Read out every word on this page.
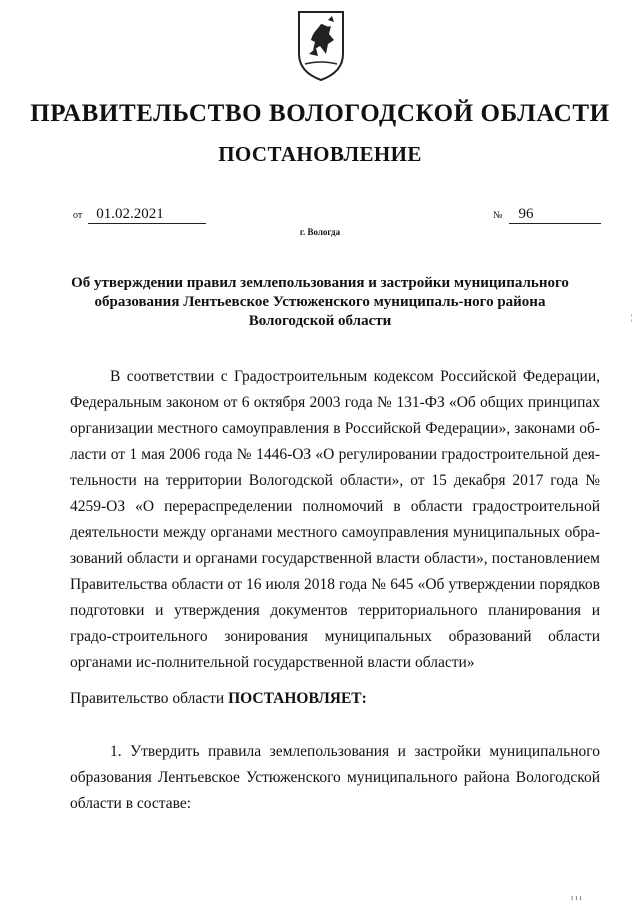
ПРАВИТЕЛЬСТВО ВОЛОГОДСКОЙ ОБЛАСТИ
ПОСТАНОВЛЕНИЕ
от 01.02.2021	№ 96
г. Вологда
Об утверждении правил землепользования и застройки муниципального образования Лентьевское Устюженского муниципаль-ного района Вологодской области
В соответствии с Градостроительным кодексом Российской Федерации, Федеральным законом от 6 октября 2003 года № 131-ФЗ «Об общих принципах организации местного самоуправления в Российской Федерации», законами об-ласти от 1 мая 2006 года № 1446-ОЗ «О регулировании градостроительной дея-тельности на территории Вологодской области», от 15 декабря 2017 года № 4259-ОЗ «О перераспределении полномочий в области градостроительной деятельности между органами местного самоуправления муниципальных обра-зований области и органами государственной власти области», постановлением Правительства области от 16 июля 2018 года № 645 «Об утверждении порядков подготовки и утверждения документов территориального планирования и градо-строительного зонирования муниципальных образований области органами ис-полнительной государственной власти области»
Правительство области ПОСТАНОВЛЯЕТ:
1. Утвердить правила землепользования и застройки муниципального образования Лентьевское Устюженского муниципального района Вологодской области в составе:
¦
ı ı ı
